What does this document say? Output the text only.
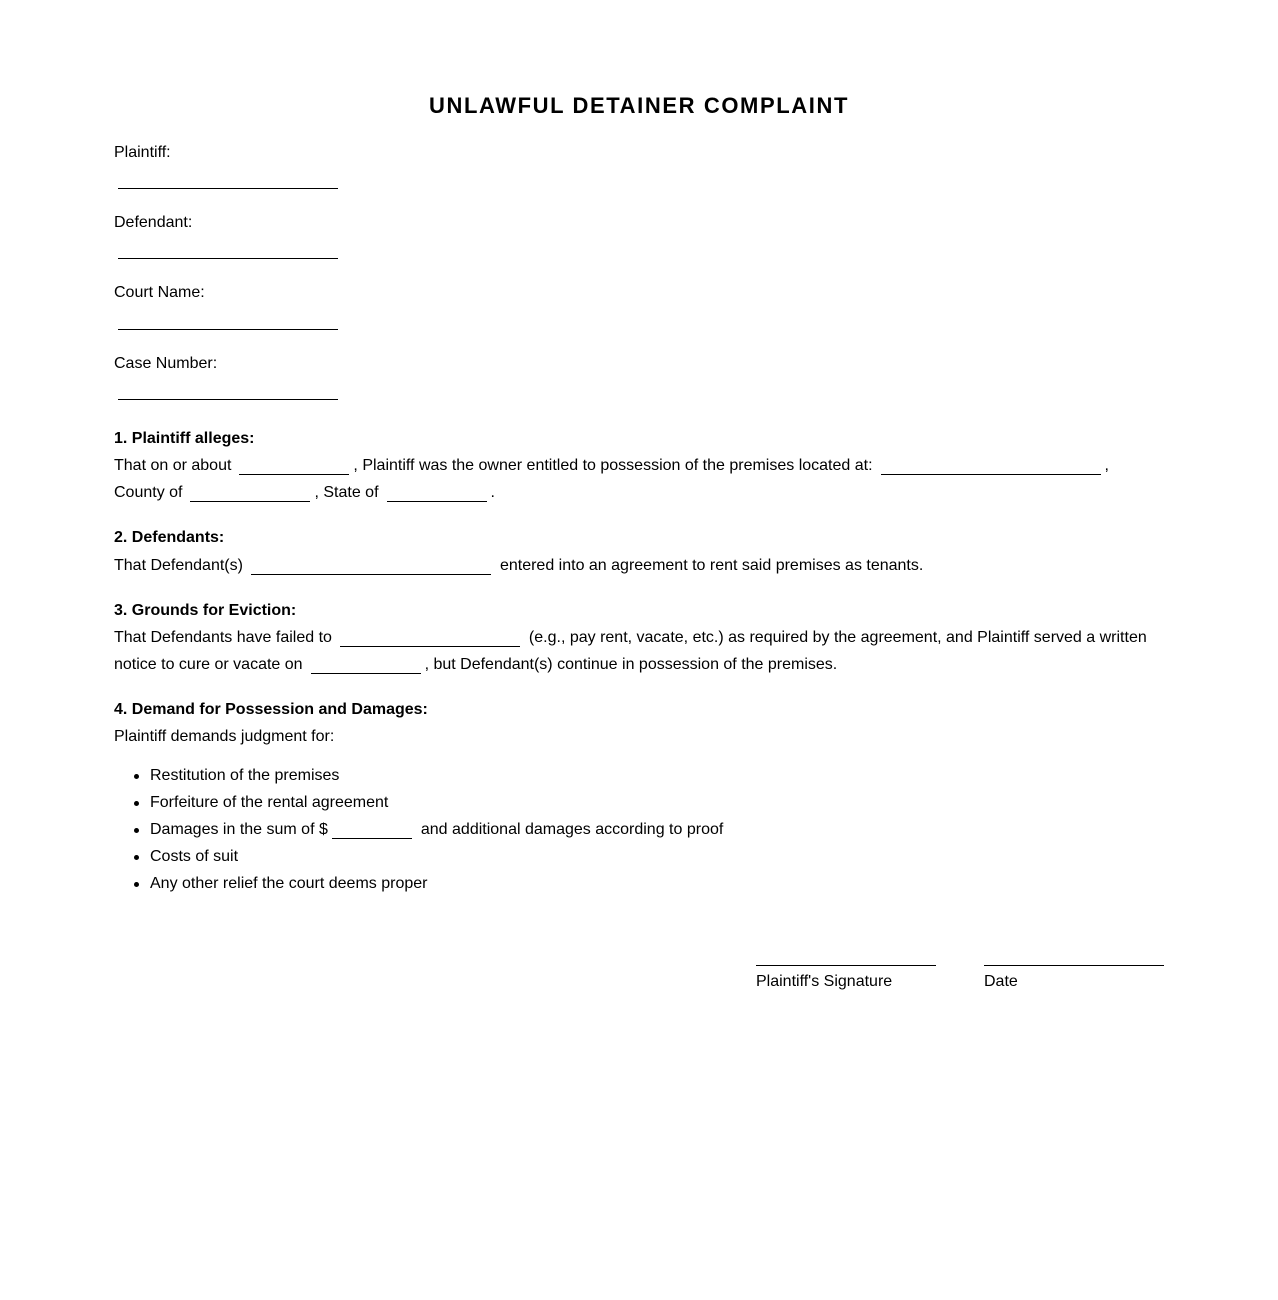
UNLAWFUL DETAINER COMPLAINT
Plaintiff:
Defendant:
Court Name:
Case Number:
1. Plaintiff alleges:
That on or about	, Plaintiff was the owner entitled to possession of the premises located at:	,
County of	, State of	.
2. Defendants:
That Defendant(s)	entered into an agreement to rent said premises as tenants.
3. Grounds for Eviction:
That Defendants have failed to	(e.g., pay rent, vacate, etc.) as required by the agreement, and Plaintiff served a written
notice to cure or vacate on	, but Defendant(s) continue in possession of the premises.
4. Demand for Possession and Damages:
Plaintiff demands judgment for:
Restitution of the premises
Forfeiture of the rental agreement
Damages in the sum of $	and additional damages according to proof
Costs of suit
Any other relief the court deems proper
Plaintiff's Signature	Date
